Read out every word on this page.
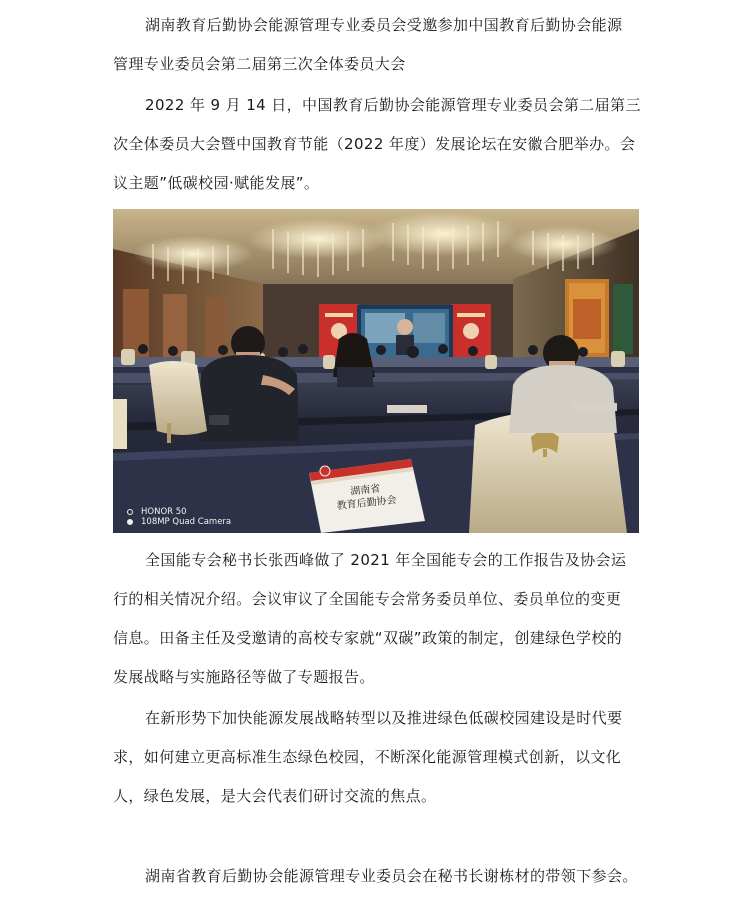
湖南教育后勤协会能源管理专业委员会受邀参加中国教育后勤协会能源
管理专业委员会第二届第三次全体委员大会

2022 年 9 月 14 日，中国教育后勤协会能源管理专业委员会第二届第三
次全体委员大会暨中国教育节能（2022 年度）发展论坛在安徽合肥举办。会
议主题”低碳校园·赋能发展”。

湖南省
教育后勤协会
HONOR 50
108MP Quad Camera

全国能专会秘书长张西峰做了 2021 年全国能专会的工作报告及协会运
行的相关情况介绍。会议审议了全国能专会常务委员单位、委员单位的变更
信息。田备主任及受邀请的高校专家就“双碳”政策的制定，创建绿色学校的
发展战略与实施路径等做了专题报告。

在新形势下加快能源发展战略转型以及推进绿色低碳校园建设是时代要
求，如何建立更高标准生态绿色校园，不断深化能源管理模式创新，以文化
人，绿色发展，是大会代表们研讨交流的焦点。

湖南省教育后勤协会能源管理专业委员会在秘书长谢栋材的带领下参会。
